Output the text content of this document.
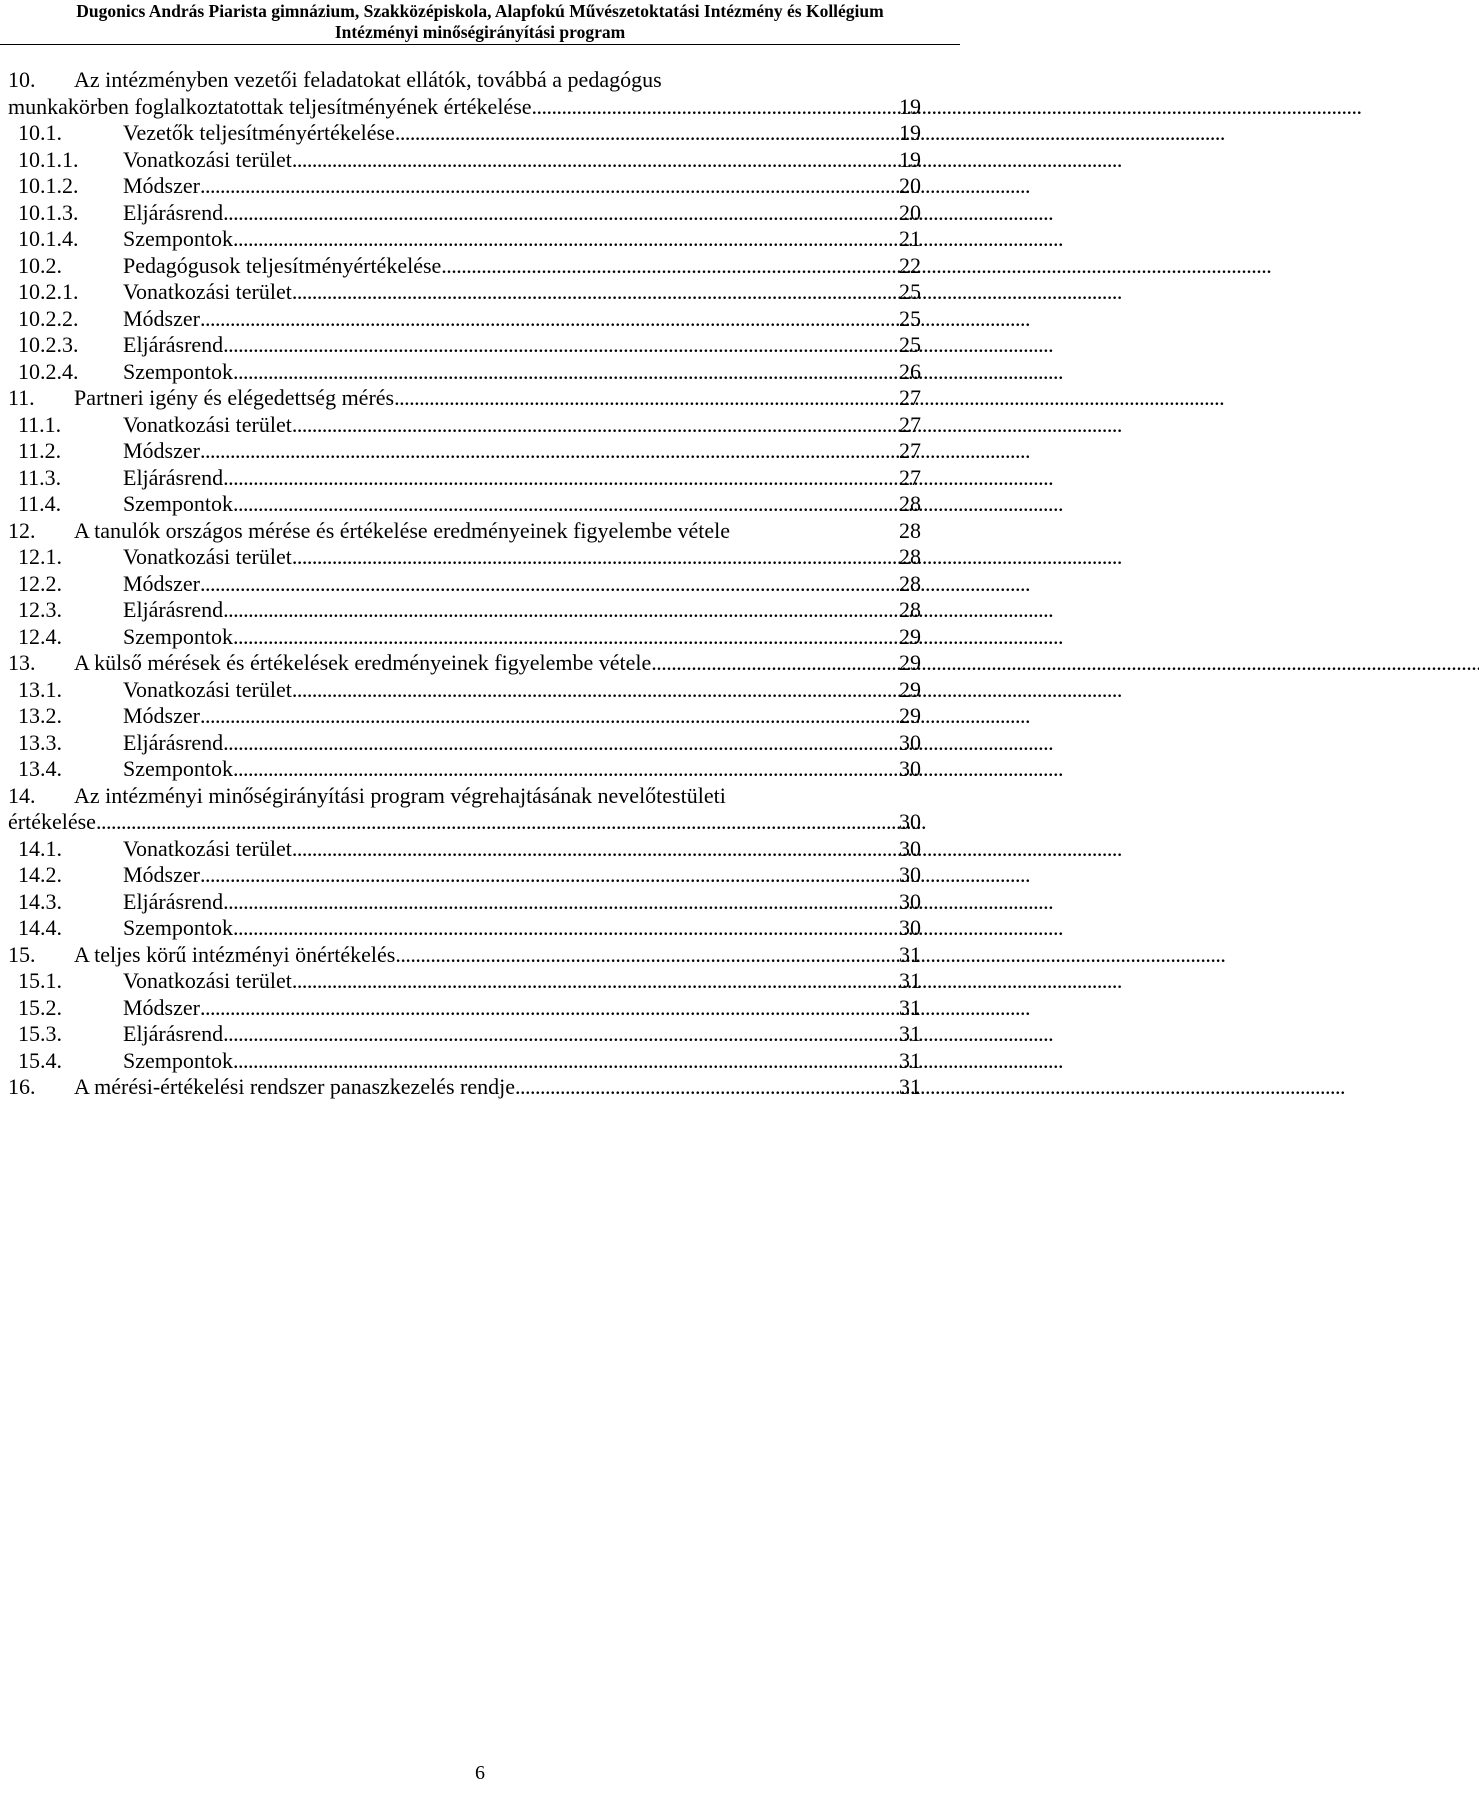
Dugonics András Piarista gimnázium, Szakközépiskola, Alapfokú Művészetoktatási Intézmény és Kollégium
Intézményi minőségirányítási program
10.	Az intézményben vezetői feladatokat ellátók, továbbá a pedagógus
munkakörben foglalkoztatottak teljesítményének értékelése . . .	19
10.1.	Vezetők teljesítményértékelése . . .	19
10.1.1.	Vonatkozási terület . . .	19
10.1.2.	Módszer . . .	20
10.1.3.	Eljárásrend . . .	20
10.1.4.	Szempontok . . .	21
10.2.	Pedagógusok teljesítményértékelése . . .	22
10.2.1.	Vonatkozási terület . . .	25
10.2.2.	Módszer . . .	25
10.2.3.	Eljárásrend . . .	25
10.2.4.	Szempontok . . .	26
11.	Partneri igény és elégedettség mérés . . .	27
11.1.	Vonatkozási terület . . .	27
11.2.	Módszer . . .	27
11.3.	Eljárásrend . . .	27
11.4.	Szempontok . . .	28
12.	A tanulók országos mérése és értékelése eredményeinek figyelembe vétele	28
12.1.	Vonatkozási terület . . .	28
12.2.	Módszer . . .	28
12.3.	Eljárásrend . . .	28
12.4.	Szempontok . . .	29
13.	A külső mérések és értékelések eredményeinek figyelembe vétele . . .	29
13.1.	Vonatkozási terület . . .	29
13.2.	Módszer . . .	29
13.3.	Eljárásrend . . .	30
13.4.	Szempontok . . .	30
14.	Az intézményi minőségirányítási program végrehajtásának nevelőtestületi
értékelése . . .	30
14.1.	Vonatkozási terület . . .	30
14.2.	Módszer . . .	30
14.3.	Eljárásrend . . .	30
14.4.	Szempontok . . .	30
15.	A teljes körű intézményi önértékelés . . .	31
15.1.	Vonatkozási terület . . .	31
15.2.	Módszer . . .	31
15.3.	Eljárásrend . . .	31
15.4.	Szempontok . . .	31
16.	A mérési-értékelési rendszer panaszkezelés rendje . . .	31
6
